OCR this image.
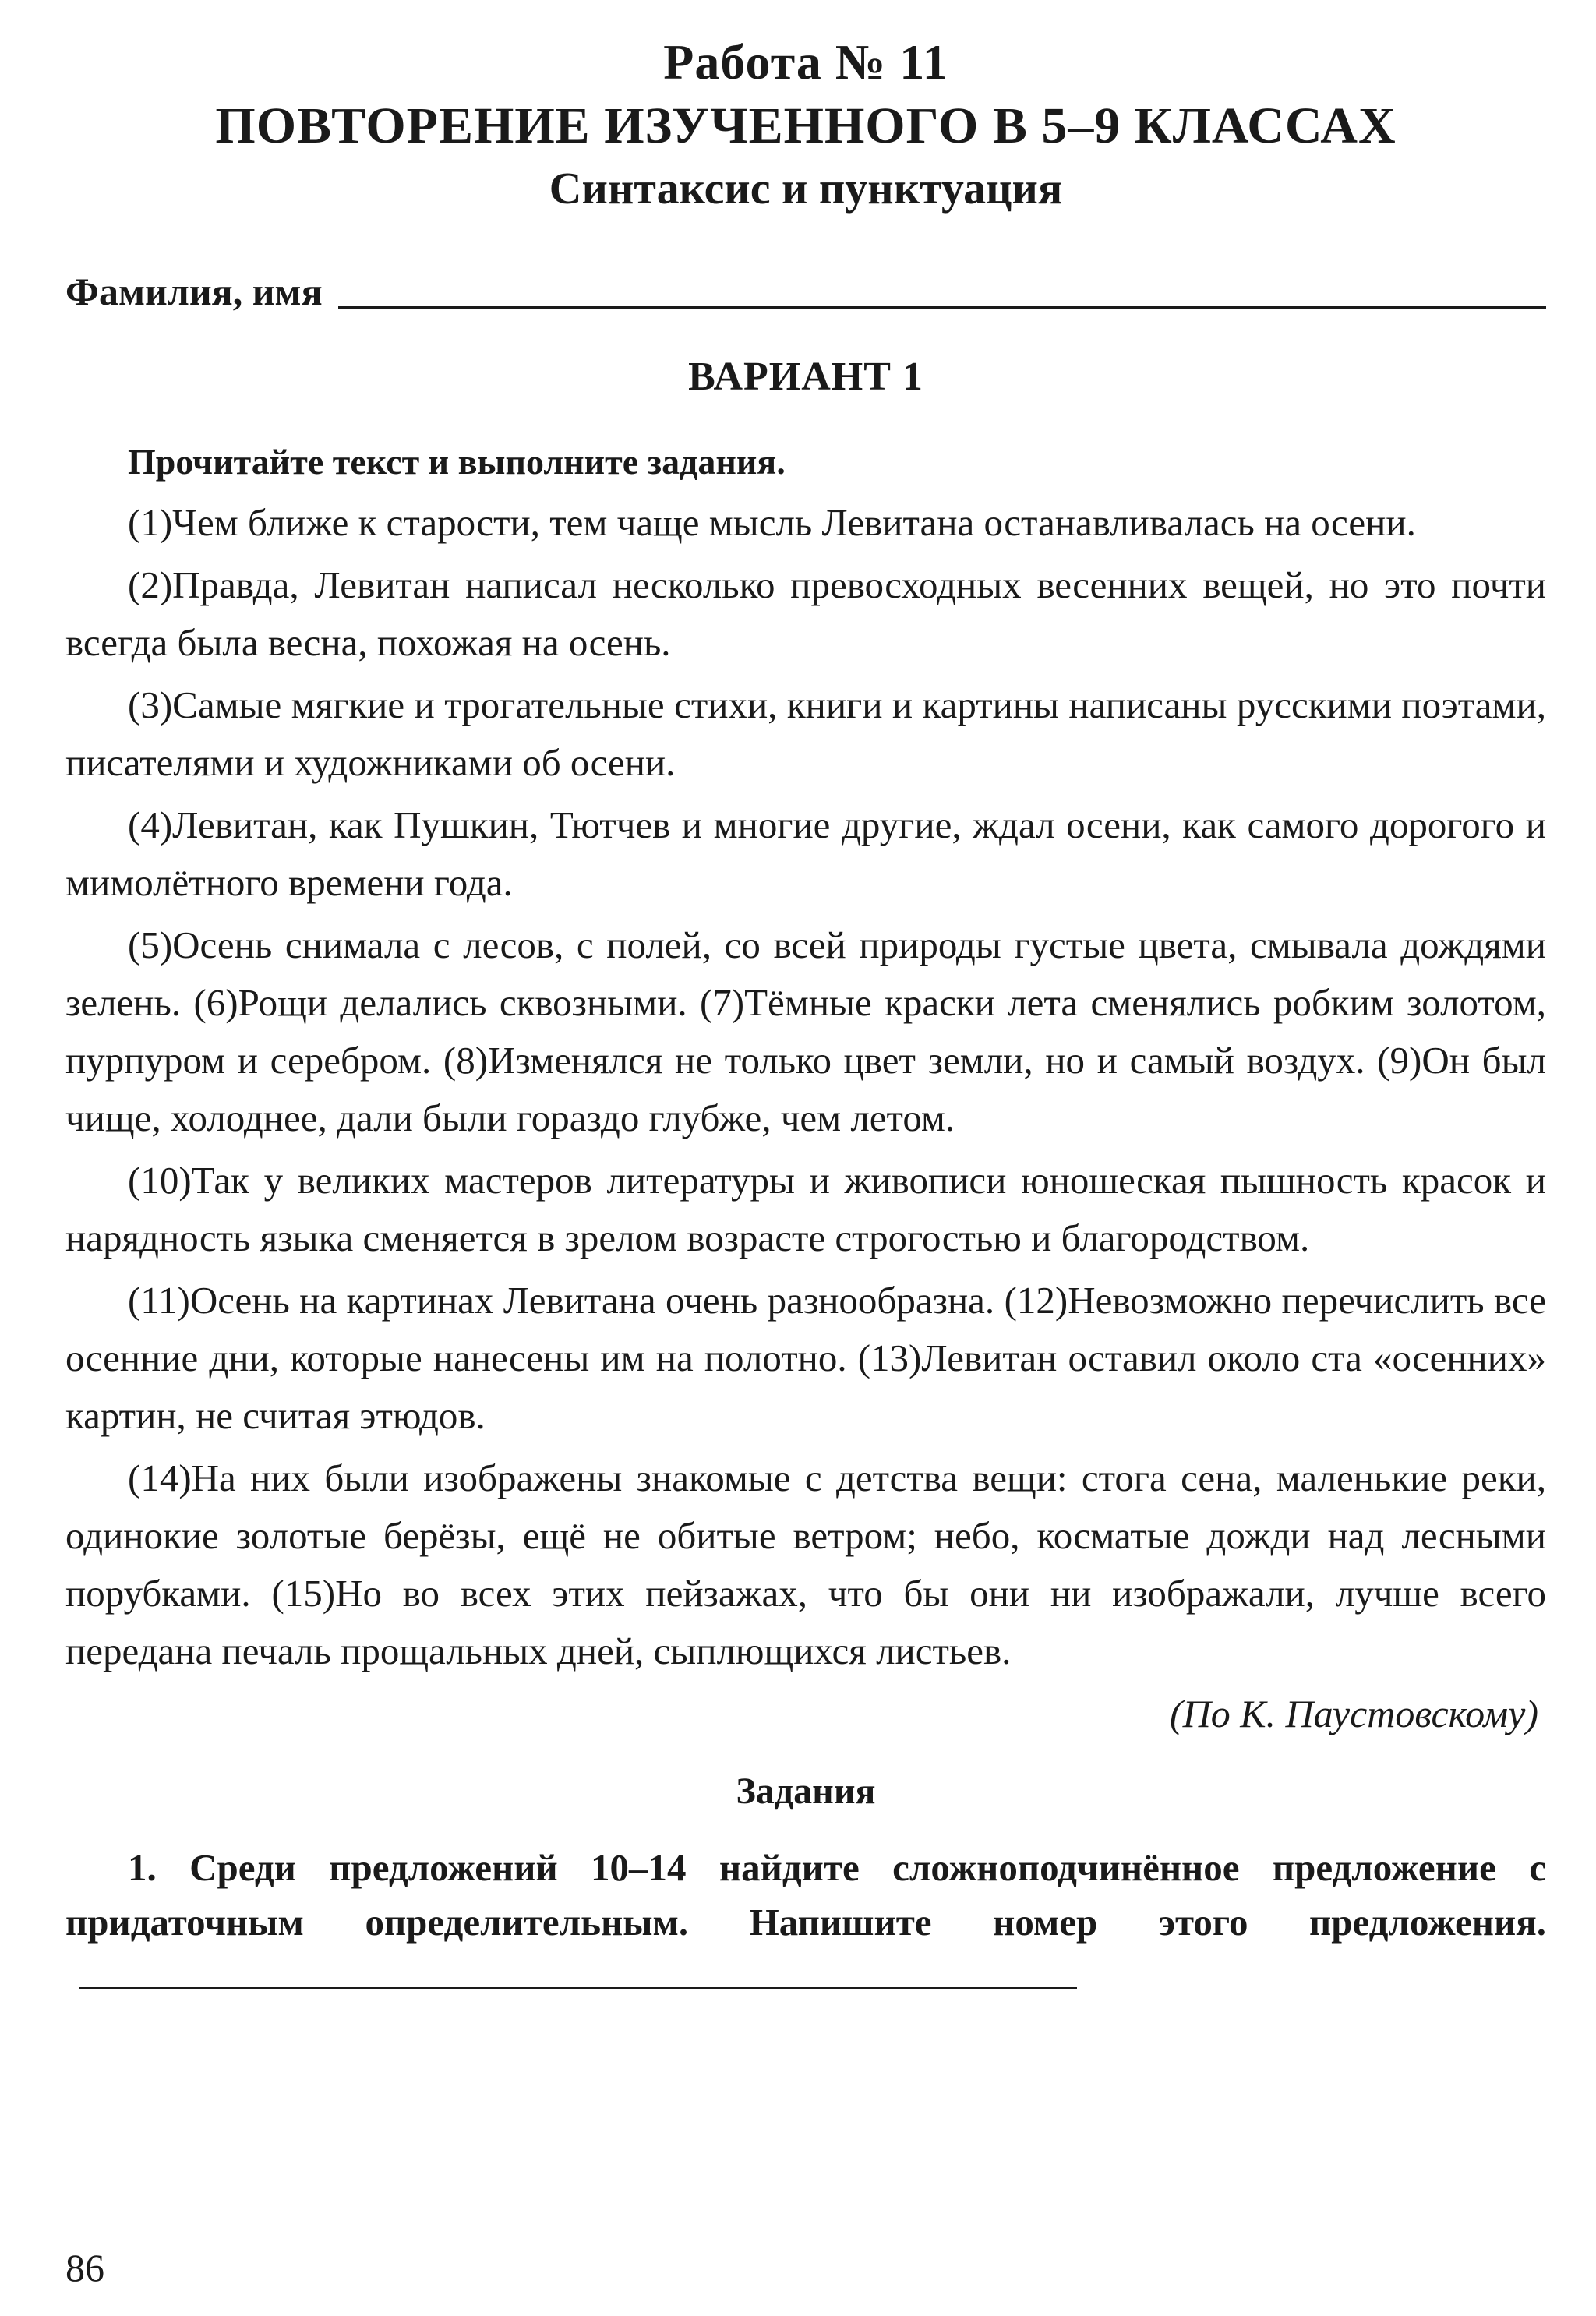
Работа № 11

ПОВТОРЕНИЕ ИЗУЧЕННОГО В 5–9 КЛАССАХ

Синтаксис и пунктуация

Фамилия, имя
ВАРИАНТ 1
Прочитайте текст и выполните задания.

(1)Чем ближе к старости, тем чаще мысль Левитана останавливалась на осени.

(2)Правда, Левитан написал несколько превосходных весенних вещей, но это почти всегда была весна, похожая на осень.

(3)Самые мягкие и трогательные стихи, книги и картины написаны русскими поэтами, писателями и художниками об осени.

(4)Левитан, как Пушкин, Тютчев и многие другие, ждал осени, как самого дорогого и мимолётного времени года.

(5)Осень снимала с лесов, с полей, со всей природы густые цвета, смывала дождями зелень. (6)Рощи делались сквозными. (7)Тёмные краски лета сменялись робким золотом, пурпуром и серебром. (8)Изменялся не только цвет земли, но и самый воздух. (9)Он был чище, холоднее, дали были гораздо глубже, чем летом.

(10)Так у великих мастеров литературы и живописи юношеская пышность красок и нарядность языка сменяется в зрелом возрасте строгостью и благородством.

(11)Осень на картинах Левитана очень разнообразна. (12)Невозможно перечислить все осенние дни, которые нанесены им на полотно. (13)Левитан оставил около ста «осенних» картин, не считая этюдов.

(14)На них были изображены знакомые с детства вещи: стога сена, маленькие реки, одинокие золотые берёзы, ещё не обитые ветром; небо, косматые дожди над лесными порубками. (15)Но во всех этих пейзажах, что бы они ни изображали, лучше всего передана печаль прощальных дней, сыплющихся листьев.

(По К. Паустовскому)
Задания
1. Среди предложений 10–14 найдите сложноподчинённое предложение с придаточным определительным. Напишите номер этого предложения.
86
